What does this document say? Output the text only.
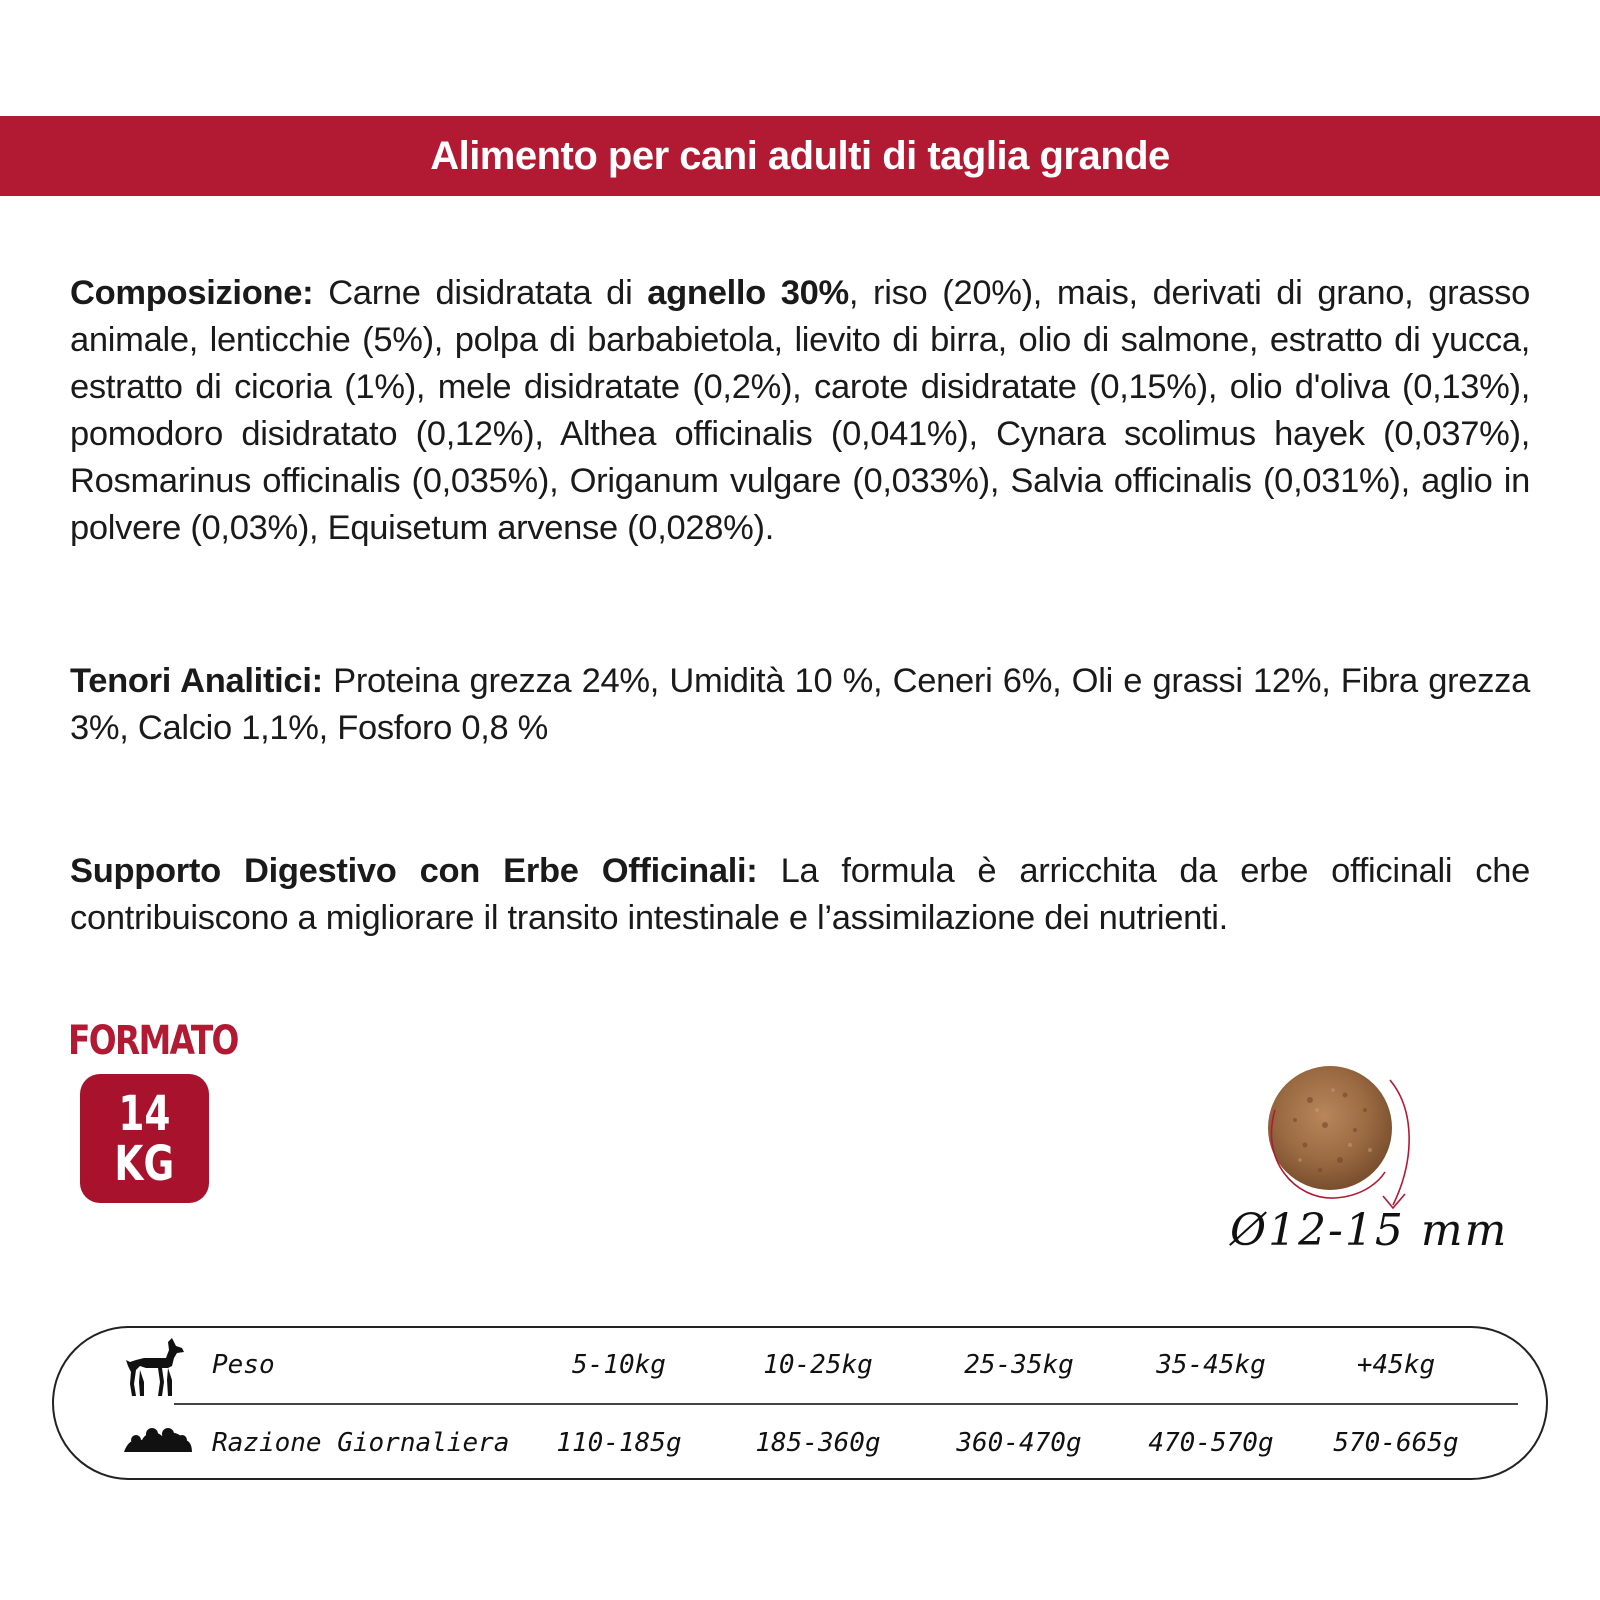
Alimento per cani adulti di taglia grande
Composizione: Carne disidratata di agnello 30%, riso (20%), mais, derivati di grano, grasso animale, lenticchie (5%), polpa di barbabietola, lievito di birra, olio di salmone, estratto di yucca, estratto di cicoria (1%), mele disidratate (0,2%), carote disidratate (0,15%), olio d'oliva (0,13%), pomodoro disidratato (0,12%), Althea officinalis (0,041%), Cynara scolimus hayek (0,037%), Rosmarinus officinalis (0,035%), Origanum vulgare (0,033%), Salvia officinalis (0,031%), aglio in polvere (0,03%), Equisetum arvense (0,028%).
Tenori Analitici: Proteina grezza 24%, Umidità 10 %, Ceneri 6%, Oli e grassi 12%, Fibra grezza 3%, Calcio 1,1%, Fosforo 0,8 %
Supporto Digestivo con Erbe Officinali: La formula è arricchita da erbe officinali che contribuiscono a migliorare il transito intestinale e l’assimilazione dei nutrienti.
FORMATO
14
KG
Ø12-15 mm
Peso	5-10kg	10-25kg	25-35kg	35-45kg	+45kg
Razione Giornaliera	110-185g	185-360g	360-470g	470-570g	570-665g
